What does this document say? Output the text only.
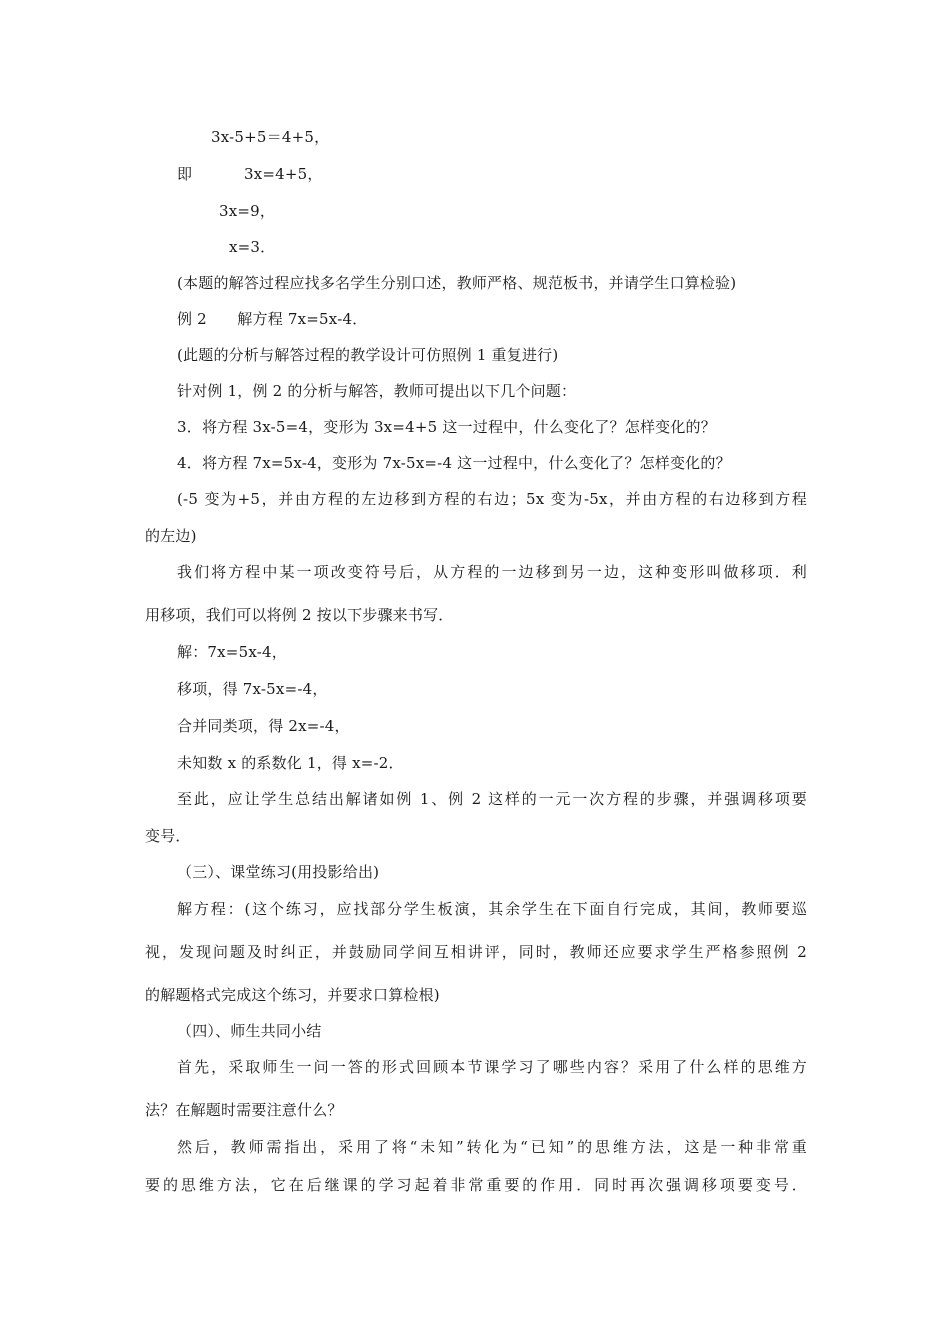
3x-5+5＝4+5，
即	3x=4+5，
3x=9，
x=3．
(本题的解答过程应找多名学生分别口述，教师严格、规范板书，并请学生口算检验)
例 2　　解方程 7x=5x-4．
(此题的分析与解答过程的教学设计可仿照例 1 重复进行)
针对例 1，例 2 的分析与解答，教师可提出以下几个问题：
3．将方程 3x-5=4，变形为 3x=4+5 这一过程中，什么变化了？怎样变化的？
4．将方程 7x=5x-4，变形为 7x-5x=-4 这一过程中，什么变化了？怎样变化的？
(-5 变为+5，并由方程的左边移到方程的右边；5x 变为-5x，并由方程的右边移到方程
的左边)
我们将方程中某一项改变符号后，从方程的一边移到另一边，这种变形叫做移项．利
用移项，我们可以将例 2 按以下步骤来书写．
解：7x=5x-4，
移项，得 7x-5x=-4，
合并同类项，得 2x=-4，
未知数 x 的系数化 1，得 x=-2．
至此，应让学生总结出解诸如例 1、例 2 这样的一元一次方程的步骤，并强调移项要
变号．
（三）、课堂练习(用投影给出)
解方程：(这个练习，应找部分学生板演，其余学生在下面自行完成，其间，教师要巡
视，发现问题及时纠正，并鼓励同学间互相讲评，同时，教师还应要求学生严格参照例 2
的解题格式完成这个练习，并要求口算检根)
（四）、师生共同小结
首先，采取师生一问一答的形式回顾本节课学习了哪些内容？采用了什么样的思维方
法？在解题时需要注意什么？
然后，教师需指出，采用了将“未知”转化为“已知”的思维方法，这是一种非常重
要的思维方法，它在后继课的学习起着非常重要的作用．同时再次强调移项要变号．
